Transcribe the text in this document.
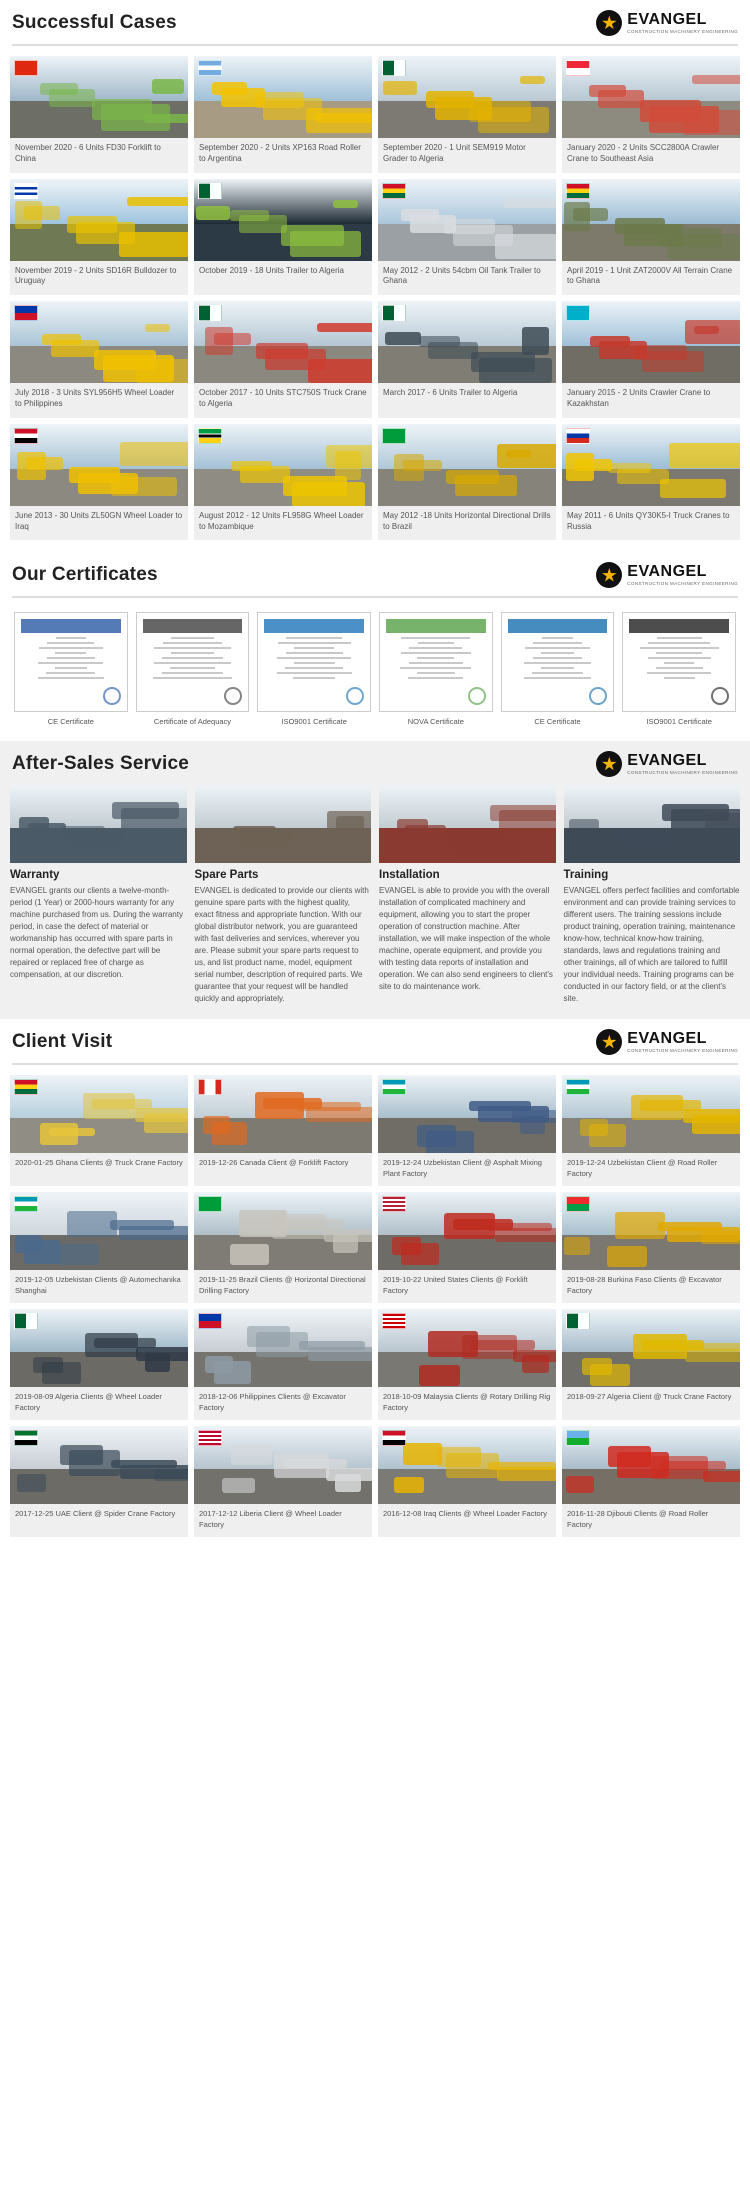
Successful Cases	EVANGEL
CONSTRUCTION MACHINERY ENGINEERING
November 2020 - 6 Units FD30 Forklift to China
September 2020 - 2 Units XP163 Road Roller to Argentina
September 2020 - 1 Unit SEM919 Motor Grader to Algeria
January 2020 - 2 Units SCC2800A Crawler Crane to Southeast Asia
November 2019 - 2 Units SD16R Bulldozer to Uruguay
October 2019 - 18 Units Trailer to Algeria	May 2012 - 2 Units 54cbm Oil Tank Trailer to Ghana
April 2019 - 1 Unit ZAT2000V All Terrain Crane to Ghana
July 2018 - 3 Units SYL956H5 Wheel Loader to Philippines
October 2017 - 10 Units STC750S Truck Crane to Algeria
March 2017 - 6 Units Trailer to Algeria	January 2015 - 2 Units Crawler Crane to Kazakhstan
June 2013 - 30 Units ZL50GN Wheel Loader to Iraq
August 2012 - 12 Units FL958G Wheel Loader to Mozambique
May 2012 -18 Units Horizontal Directional Drills to Brazil
May 2011 - 6 Units QY30K5-I Truck Cranes to Russia
Our Certificates	EVANGEL
CONSTRUCTION MACHINERY ENGINEERING
CE Certificate	Certificate of Adequacy	ISO9001 Certificate	NOVA Certificate	CE Certificate	ISO9001 Certificate
After-Sales Service	EVANGEL
CONSTRUCTION MACHINERY ENGINEERING
Warranty
EVANGEL grants our clients a twelve-month-period (1 Year) or 2000-hours warranty for any machine purchased from us. During the warranty period, in case the defect of material or workmanship has occurred with spare parts in normal operation, the defective part will be repaired or replaced free of charge as compensation, at our discretion.
Spare Parts
EVANGEL is dedicated to provide our clients with genuine spare parts with the highest quality, exact fitness and appropriate function. With our global distributor network, you are guaranteed with fast deliveries and services, wherever you are. Please submit your spare parts request to us, and list product name, model, equipment serial number, description of required parts. We guarantee that your request will be handled quickly and appropriately.
Installation
EVANGEL is able to provide you with the overall installation of complicated machinery and equipment, allowing you to start the proper operation of construction machine. After installation, we will make inspection of the whole machine, operate equipment, and provide you with testing data reports of installation and operation. We can also send engineers to client's site to do maintenance work.
Training
EVANGEL offers perfect facilities and comfortable environment and can provide training services to different users. The training sessions include product training, operation training, maintenance know-how, technical know-how training, standards, laws and regulations training and other trainings, all of which are tailored to fulfill your individual needs. Training programs can be conducted in our factory field, or at the client's site.
Client Visit	EVANGEL
CONSTRUCTION MACHINERY ENGINEERING
2020-01-25 Ghana Clients @ Truck Crane Factory	2019-12-26 Canada Client @ Forklift Factory	2019-12-24 Uzbekistan Client @ Asphalt Mixing Plant Factory
2019-12-24 Uzbekistan Client @ Road Roller Factory
2019-12-05 Uzbekistan Clients @ Automechanika Shanghai
2019-11-25 Brazil Clients @ Horizontal Directional Drilling Factory
2019-10-22 United States Clients @ Forklift Factory
2019-08-28 Burkina Faso Clients @ Excavator Factory
2019-08-09 Algeria Clients @ Wheel Loader Factory
2018-12-06 Philippines Clients @ Excavator Factory
2018-10-09 Malaysia Clients @ Rotary Drilling Rig Factory
2018-09-27 Algeria Client @ Truck Crane Factory
2017-12-25 UAE Client @ Spider Crane Factory	2017-12-12 Liberia Client @ Wheel Loader Factory
2016-12-08 Iraq Clients @ Wheel Loader Factory	2016-11-28 Djibouti Clients @ Road Roller Factory
